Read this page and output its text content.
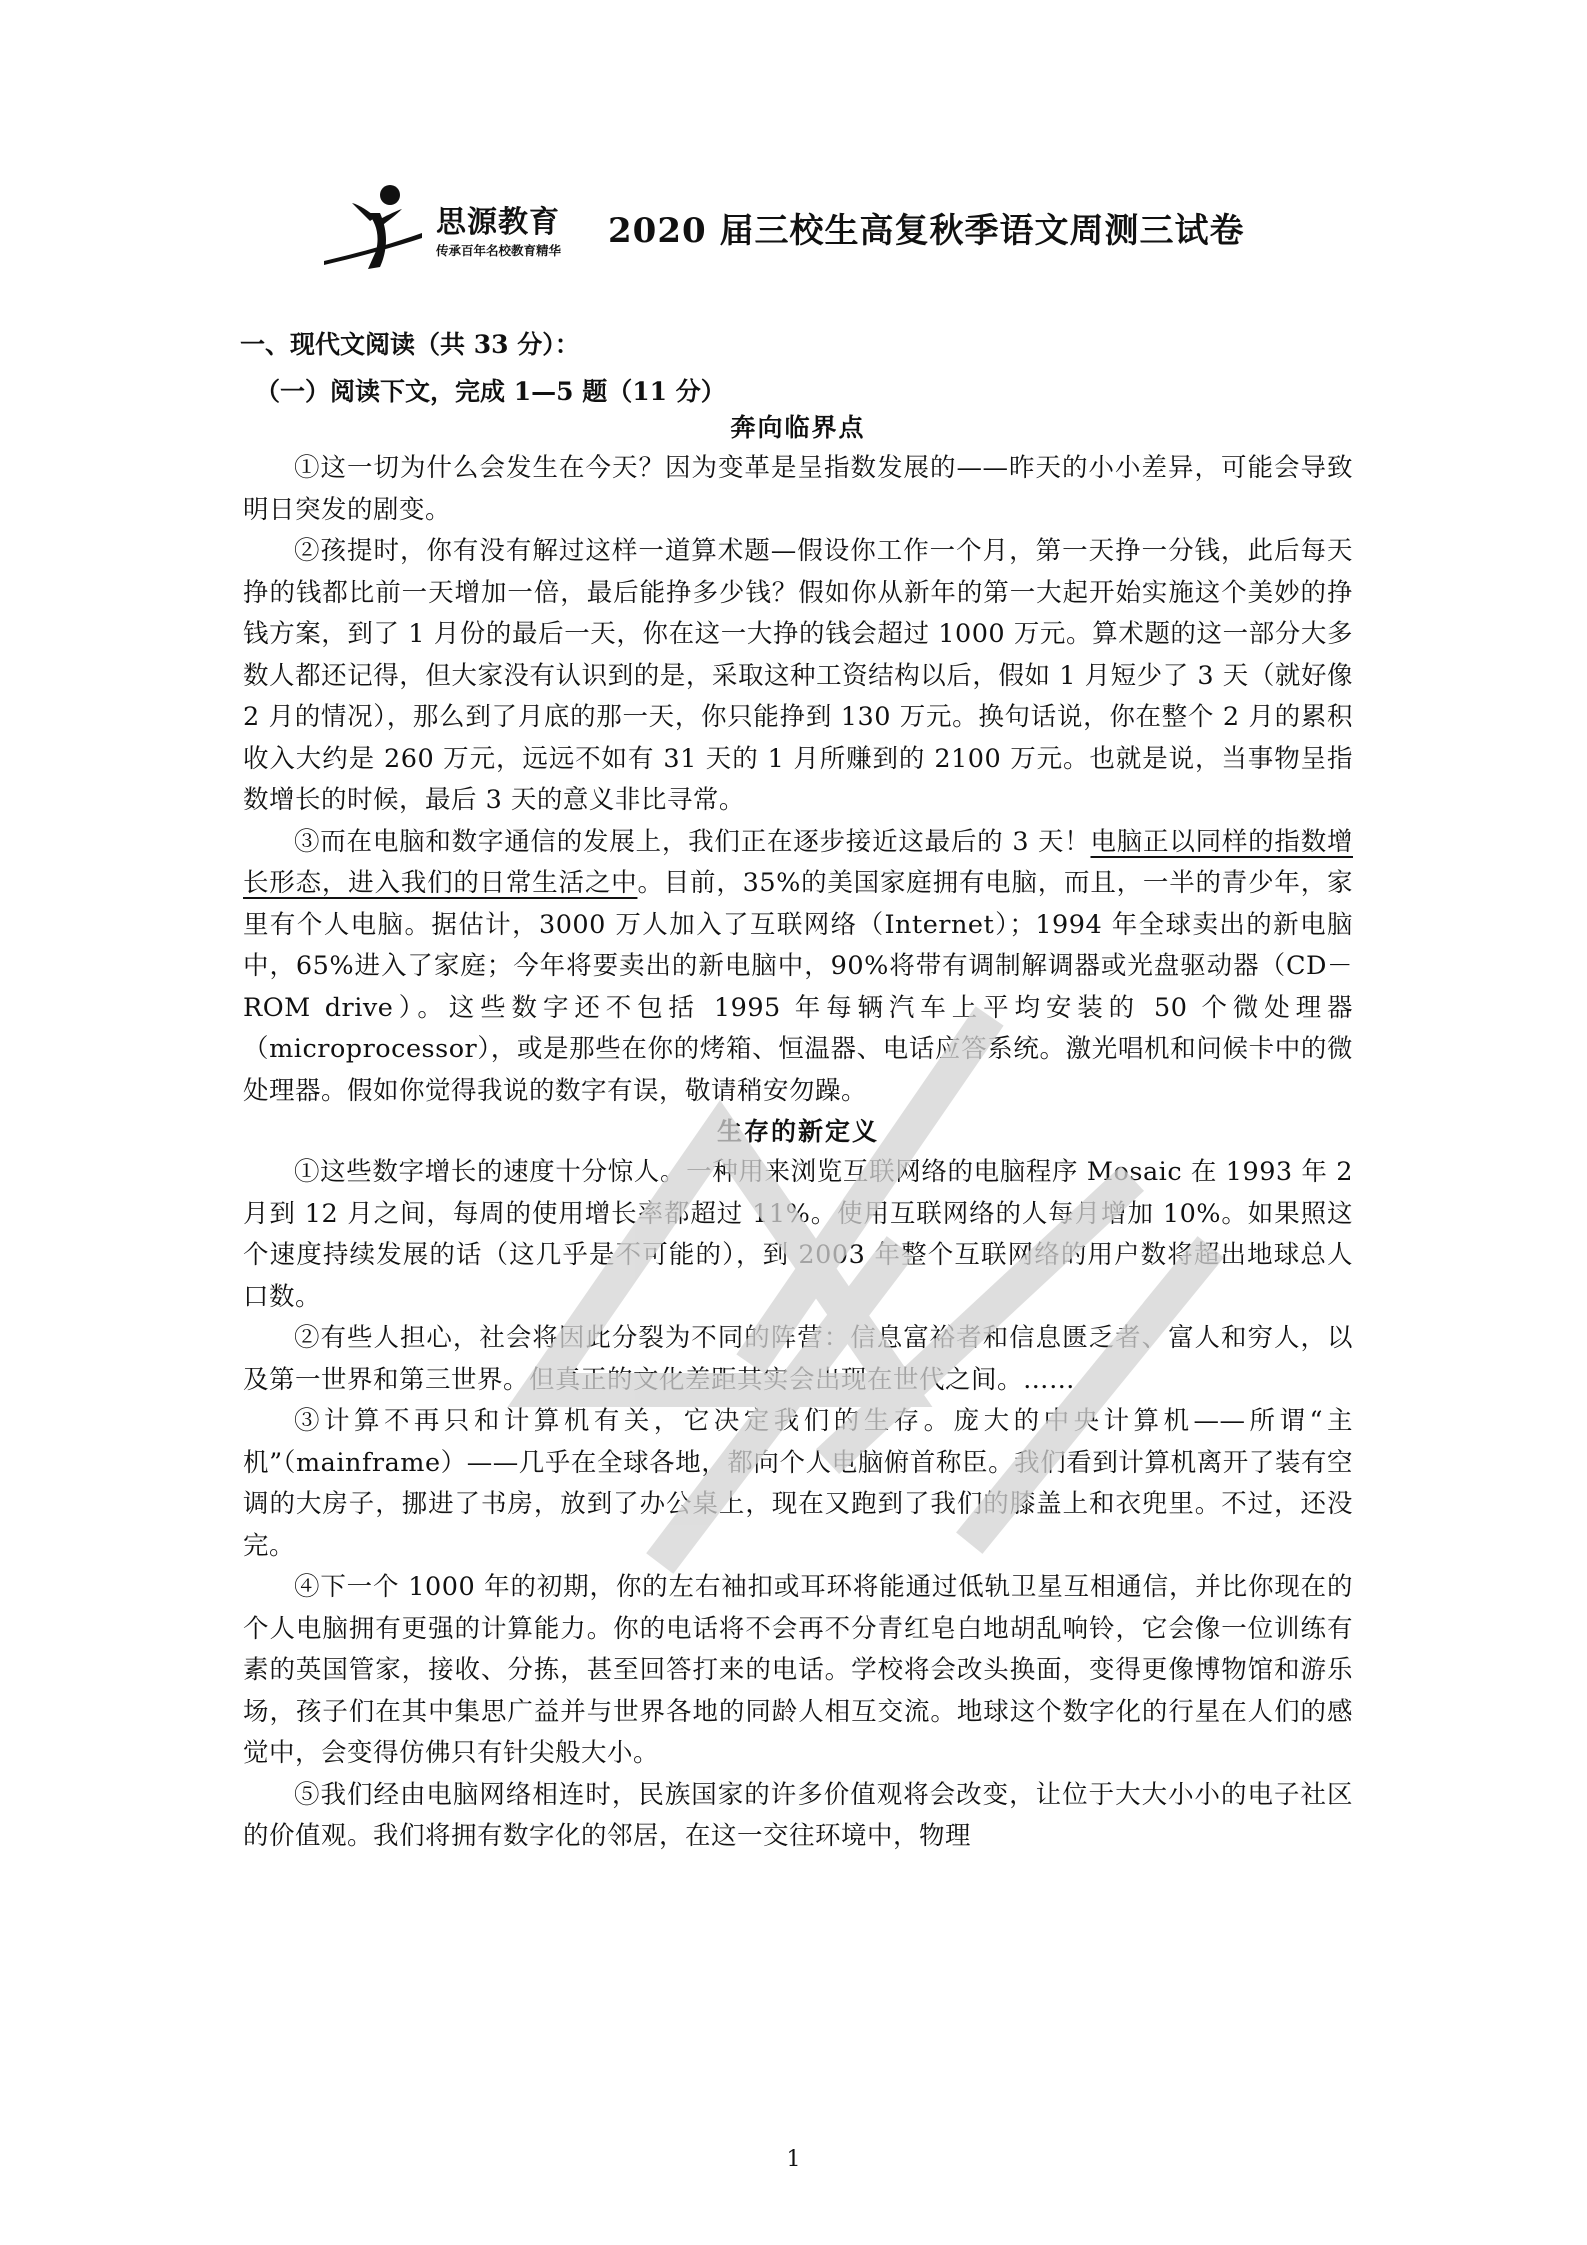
思源教育
传承百年名校教育精华 2020 届三校生高复秋季语文周测三试卷
一、现代文阅读（共 33 分）：
（一）阅读下文，完成 1—5 题（11 分）
奔向临界点

①这一切为什么会发生在今天？因为变革是呈指数发展的——昨天的小小差异，可能会导致明日突发的剧变。

②孩提时，你有没有解过这样一道算术题—假设你工作一个月，第一天挣一分钱，此后每天挣的钱都比前一天增加一倍，最后能挣多少钱？假如你从新年的第一大起开始实施这个美妙的挣钱方案，到了 1 月份的最后一天，你在这一大挣的钱会超过 1000 万元。算术题的这一部分大多数人都还记得，但大家没有认识到的是，采取这种工资结构以后，假如 1 月短少了 3 天（就好像 2 月的情况），那么到了月底的那一天，你只能挣到 130 万元。换句话说，你在整个 2 月的累积收入大约是 260 万元，远远不如有 31 天的 1 月所赚到的 2100 万元。也就是说，当事物呈指数增长的时候，最后 3 天的意义非比寻常。

③而在电脑和数字通信的发展上，我们正在逐步接近这最后的 3 天！电脑正以同样的指数增长形态，进入我们的日常生活之中。目前，35%的美国家庭拥有电脑，而且，一半的青少年，家里有个人电脑。据估计，3000 万人加入了互联网络（Internet）；1994 年全球卖出的新电脑中，65%进入了家庭；今年将要卖出的新电脑中，90%将带有调制解调器或光盘驱动器（CD－ROM drive）。这些数字还不包括 1995 年每辆汽车上平均安装的 50 个微处理器（microprocessor），或是那些在你的烤箱、恒温器、电话应答系统。激光唱机和问候卡中的微处理器。假如你觉得我说的数字有误，敬请稍安勿躁。

生存的新定义

①这些数字增长的速度十分惊人。一种用来浏览互联网络的电脑程序 Mosaic 在 1993 年 2 月到 12 月之间，每周的使用增长率都超过 11%。使用互联网络的人每月增加 10%。如果照这个速度持续发展的话（这几乎是不可能的），到 2003 年整个互联网络的用户数将超出地球总人口数。

②有些人担心，社会将因此分裂为不同的阵营：信息富裕者和信息匮乏者、富人和穷人，以及第一世界和第三世界。但真正的文化差距其实会出现在世代之间。……

③计算不再只和计算机有关，它决定我们的生存。庞大的中央计算机——所谓“主机”（mainframe）——几乎在全球各地，都向个人电脑俯首称臣。我们看到计算机离开了装有空调的大房子，挪进了书房，放到了办公桌上，现在又跑到了我们的膝盖上和衣兜里。不过，还没完。

④下一个 1000 年的初期，你的左右袖扣或耳环将能通过低轨卫星互相通信，并比你现在的个人电脑拥有更强的计算能力。你的电话将不会再不分青红皂白地胡乱响铃，它会像一位训练有素的英国管家，接收、分拣，甚至回答打来的电话。学校将会改头换面，变得更像博物馆和游乐场，孩子们在其中集思广益并与世界各地的同龄人相互交流。地球这个数字化的行星在人们的感觉中，会变得仿佛只有针尖般大小。

⑤我们经由电脑网络相连时，民族国家的许多价值观将会改变，让位于大大小小的电子社区的价值观。我们将拥有数字化的邻居，在这一交往环境中，物理

1
